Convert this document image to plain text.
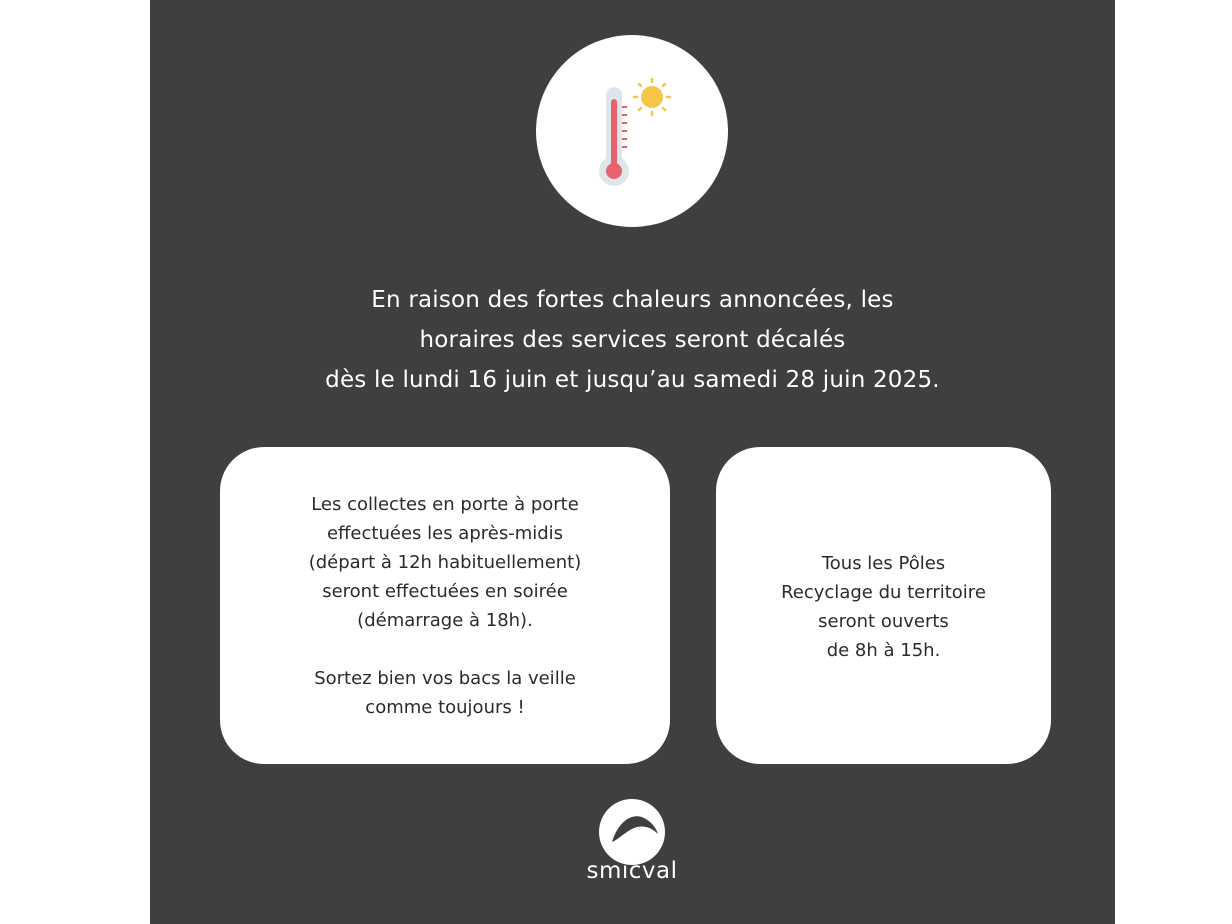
En raison des fortes chaleurs annoncées, les
horaires des services seront décalés
dès le lundi 16 juin et jusqu’au samedi 28 juin 2025.
Les collectes en porte à porte
effectuées les après-midis
(départ à 12h habituellement)
seront effectuées en soirée
(démarrage à 18h).
Sortez bien vos bacs la veille
comme toujours !
Tous les Pôles
Recyclage du territoire
seront ouverts
de 8h à 15h.
smicval
